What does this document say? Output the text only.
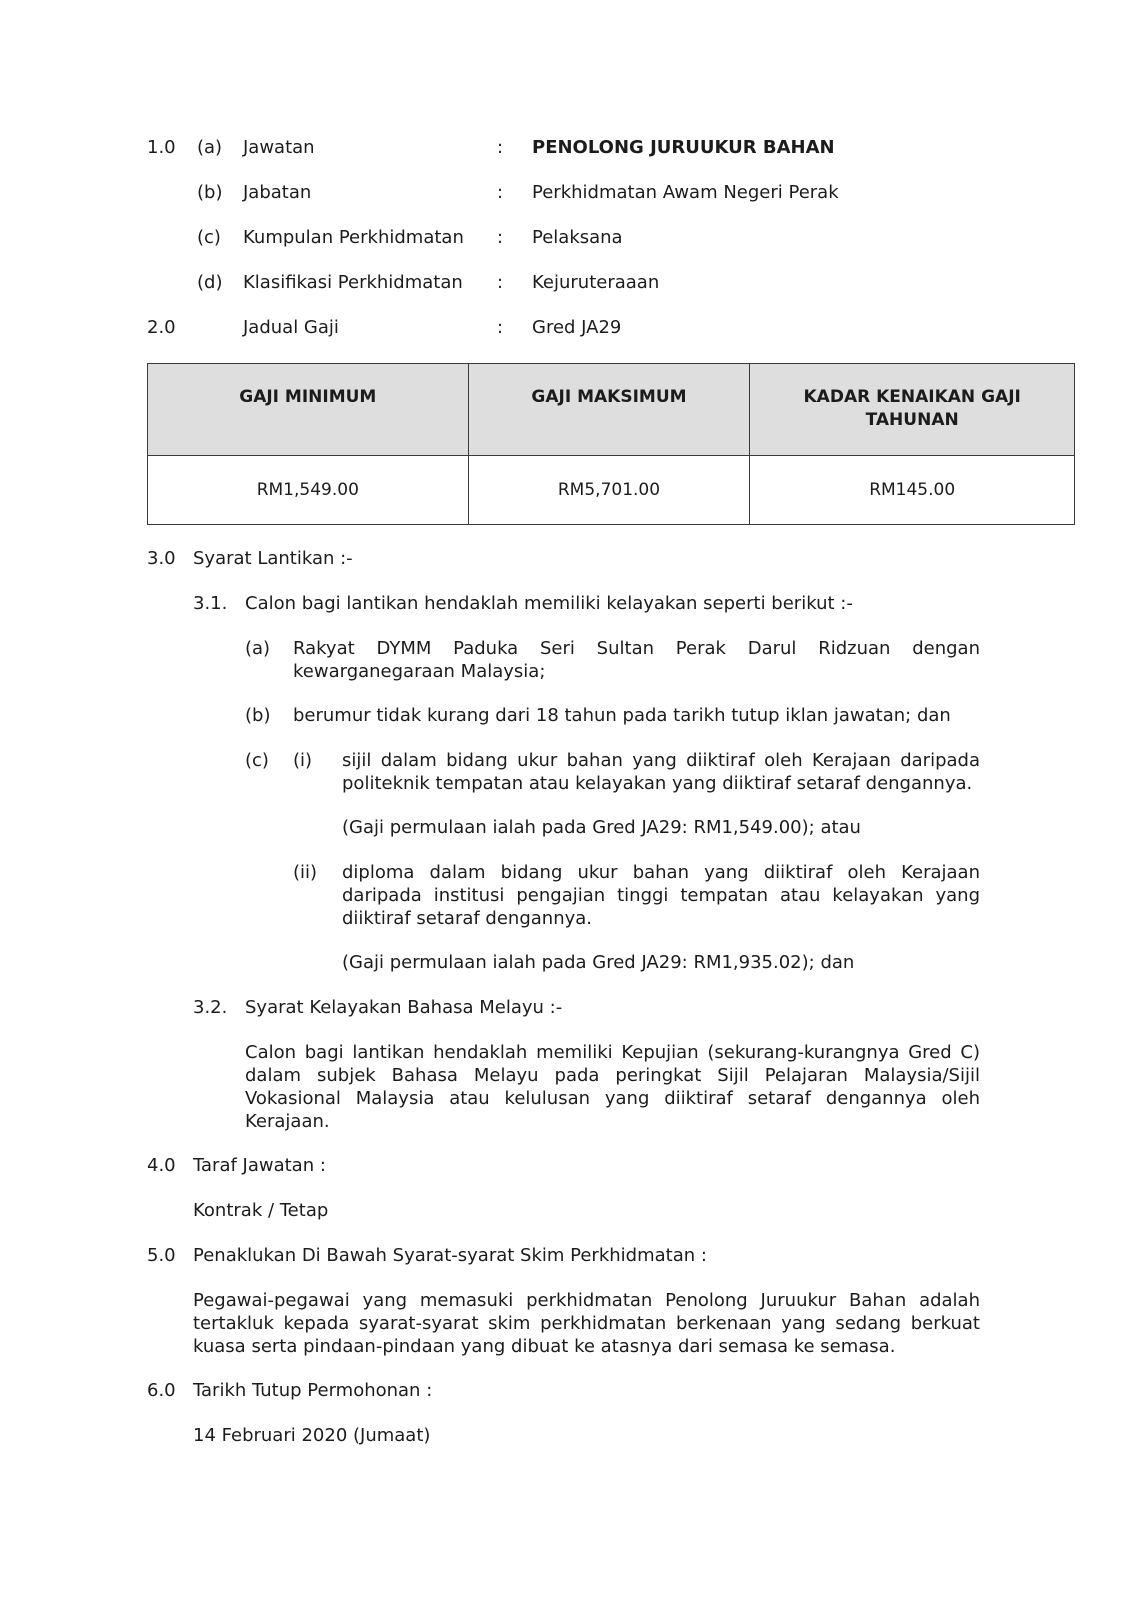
1.0 (a) Jawatan	: PENOLONG JURUUKUR BAHAN
(b) Jabatan	: Perkhidmatan Awam Negeri Perak
(c) Kumpulan Perkhidmatan : Pelaksana
(d) Klasifikasi Perkhidmatan : Kejuruteraaan
2.0	Jadual Gaji	: Gred JA29
GAJI MINIMUM	GAJI MAKSIMUM	KADAR KENAIKAN GAJI TAHUNAN
RM1,549.00	RM5,701.00	RM145.00
3.0 Syarat Lantikan :-
3.1. Calon bagi lantikan hendaklah memiliki kelayakan seperti berikut :-
(a) Rakyat DYMM Paduka Seri Sultan Perak Darul Ridzuan dengan kewarganegaraan Malaysia;
(b) berumur tidak kurang dari 18 tahun pada tarikh tutup iklan jawatan; dan
(c) (i) sijil dalam bidang ukur bahan yang diiktiraf oleh Kerajaan daripada politeknik tempatan atau kelayakan yang diiktiraf setaraf dengannya.
(Gaji permulaan ialah pada Gred JA29: RM1,549.00); atau
(ii) diploma dalam bidang ukur bahan yang diiktiraf oleh Kerajaan daripada institusi pengajian tinggi tempatan atau kelayakan yang diiktiraf setaraf dengannya.
(Gaji permulaan ialah pada Gred JA29: RM1,935.02); dan
3.2. Syarat Kelayakan Bahasa Melayu :-
Calon bagi lantikan hendaklah memiliki Kepujian (sekurang-kurangnya Gred C) dalam subjek Bahasa Melayu pada peringkat Sijil Pelajaran Malaysia/Sijil Vokasional Malaysia atau kelulusan yang diiktiraf setaraf dengannya oleh Kerajaan.
4.0 Taraf Jawatan :
Kontrak / Tetap
5.0 Penaklukan Di Bawah Syarat-syarat Skim Perkhidmatan :
Pegawai-pegawai yang memasuki perkhidmatan Penolong Juruukur Bahan adalah tertakluk kepada syarat-syarat skim perkhidmatan berkenaan yang sedang berkuat kuasa serta pindaan-pindaan yang dibuat ke atasnya dari semasa ke semasa.
6.0 Tarikh Tutup Permohonan :
14 Februari 2020 (Jumaat)
